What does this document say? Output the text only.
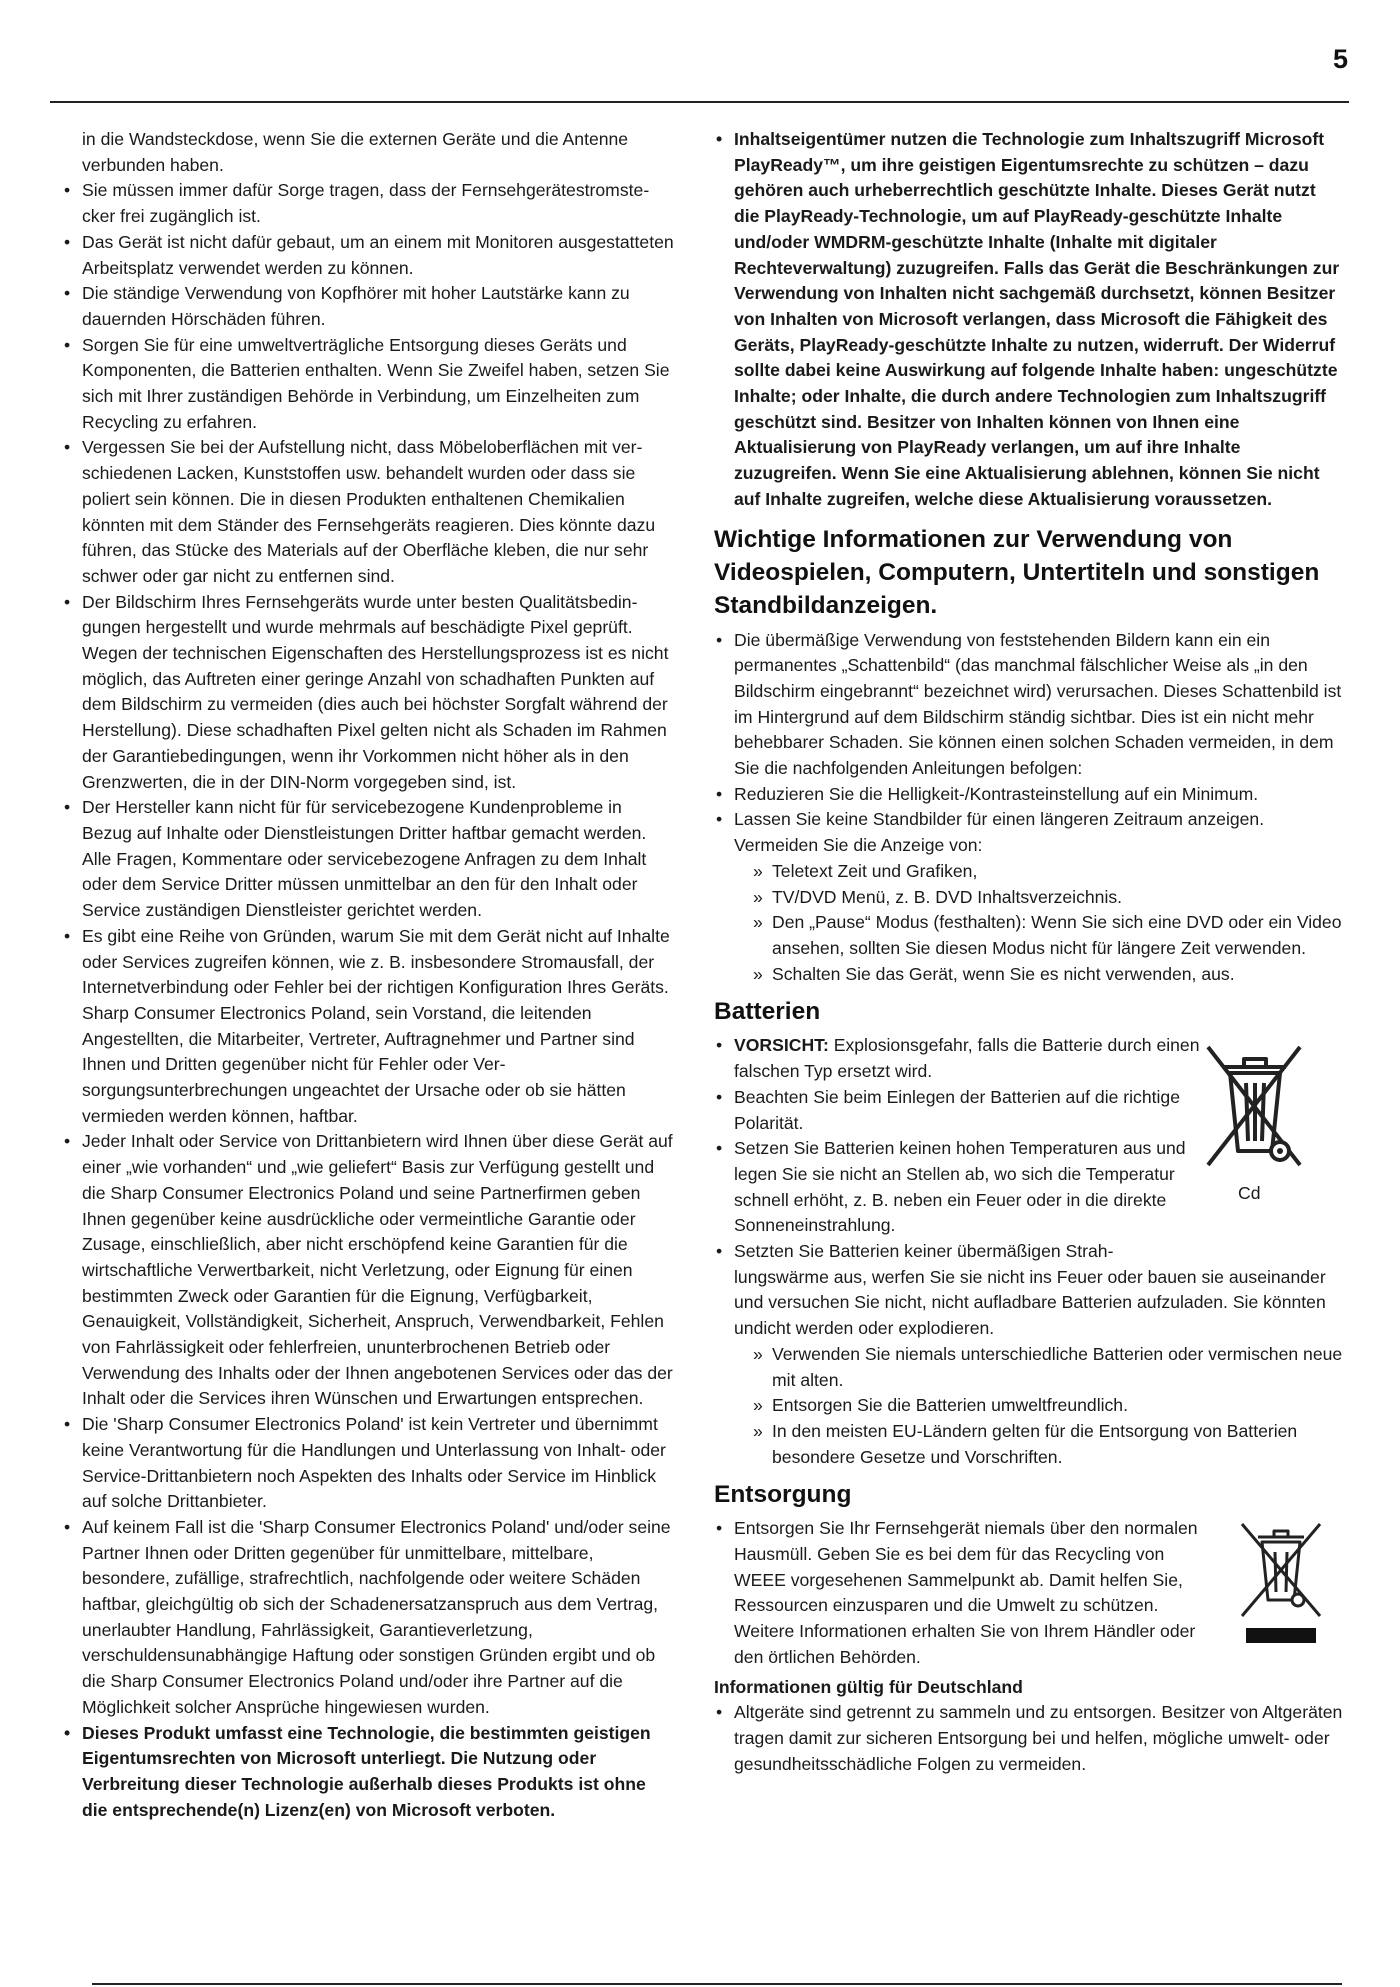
5
in die Wandsteckdose, wenn Sie die externen Geräte und die Antenne verbunden haben.
• Sie müssen immer dafür Sorge tragen, dass der Fernsehgerätestromstecker frei zugänglich ist.
• Das Gerät ist nicht dafür gebaut, um an einem mit Monitoren ausgestatteten Arbeitsplatz verwendet werden zu können.
• Die ständige Verwendung von Kopfhörer mit hoher Lautstärke kann zu dauernden Hörschäden führen.
• Sorgen Sie für eine umweltverträgliche Entsorgung dieses Geräts und Komponenten, die Batterien enthalten. Wenn Sie Zweifel haben, setzen Sie sich mit Ihrer zuständigen Behörde in Verbindung, um Einzelheiten zum Recycling zu erfahren.
• Vergessen Sie bei der Aufstellung nicht, dass Möbeloberflächen mit verschiedenen Lacken, Kunststoffen usw. behandelt wurden oder dass sie poliert sein können. Die in diesen Produkten enthaltenen Chemikalien könnten mit dem Ständer des Fernsehgeräts reagieren. Dies könnte dazu führen, das Stücke des Materials auf der Oberfläche kleben, die nur sehr schwer oder gar nicht zu entfernen sind.
• Der Bildschirm Ihres Fernsehgeräts wurde unter besten Qualitätsbedingungen hergestellt und wurde mehrmals auf beschädigte Pixel geprüft. Wegen der technischen Eigenschaften des Herstellungsprozess ist es nicht möglich, das Auftreten einer geringe Anzahl von schadhaften Punkten auf dem Bildschirm zu vermeiden (dies auch bei höchster Sorgfalt während der Herstellung). Diese schadhaften Pixel gelten nicht als Schaden im Rahmen der Garantiebedingungen, wenn ihr Vorkommen nicht höher als in den Grenzwerten, die in der DIN-Norm vorgegeben sind, ist.
• Der Hersteller kann nicht für für servicebezogene Kundenprobleme in Bezug auf Inhalte oder Dienstleistungen Dritter haftbar gemacht werden. Alle Fragen, Kommentare oder servicebezogene Anfragen zu dem Inhalt oder dem Service Dritter müssen unmittelbar an den für den Inhalt oder Service zuständigen Dienstleister gerichtet werden.
• Es gibt eine Reihe von Gründen, warum Sie mit dem Gerät nicht auf Inhalte oder Services zugreifen können, wie z. B. insbesondere Stromausfall, der Internetverbindung oder Fehler bei der richtigen Konfiguration Ihres Geräts. Sharp Consumer Electronics Poland, sein Vorstand, die leitenden Angestellten, die Mitarbeiter, Vertreter, Auftragnehmer und Partner sind Ihnen und Dritten gegenüber nicht für Fehler oder Versorgungsunterbrechungen ungeachtet der Ursache oder ob sie hätten vermieden werden können, haftbar.
• Jeder Inhalt oder Service von Drittanbietern wird Ihnen über diese Gerät auf einer „wie vorhanden“ und „wie geliefert“ Basis zur Verfügung gestellt und die Sharp Consumer Electronics Poland und seine Partnerfirmen geben Ihnen gegenüber keine ausdrückliche oder vermeintliche Garantie oder Zusage, einschließlich, aber nicht erschöpfend keine Garantien für die wirtschaftliche Verwertbarkeit, nicht Verletzung, oder Eignung für einen bestimmten Zweck oder Garantien für die Eignung, Verfügbarkeit, Genauigkeit, Vollständigkeit, Sicherheit, Anspruch, Verwendbarkeit, Fehlen von Fahrlässigkeit oder fehlerfreien, ununterbrochenen Betrieb oder Verwendung des Inhalts oder der Ihnen angebotenen Services oder das der Inhalt oder die Services ihren Wünschen und Erwartungen entsprechen.
• Die 'Sharp Consumer Electronics Poland' ist kein Vertreter und übernimmt keine Verantwortung für die Handlungen und Unterlassung von Inhalt- oder Service-Drittanbietern noch Aspekten des Inhalts oder Service im Hinblick auf solche Drittanbieter.
• Auf keinem Fall ist die 'Sharp Consumer Electronics Poland' und/oder seine Partner Ihnen oder Dritten gegenüber für unmittelbare, mittelbare, besondere, zufällige, strafrechtlich, nachfolgende oder weitere Schäden haftbar, gleichgültig ob sich der Schadenersatzanspruch aus dem Vertrag, unerlaubter Handlung, Fahrlässigkeit, Garantieverletzung, verschuldensunabhängige Haftung oder sonstigen Gründen ergibt und ob die Sharp Consumer Electronics Poland und/oder ihre Partner auf die Möglichkeit solcher Ansprüche hingewiesen wurden.
• Dieses Produkt umfasst eine Technologie, die bestimmten geistigen Eigentumsrechten von Microsoft unterliegt. Die Nutzung oder Verbreitung dieser Technologie außerhalb dieses Produkts ist ohne die entsprechende(n) Lizenz(en) von Microsoft verboten.
• Inhaltseigentümer nutzen die Technologie zum Inhaltszugriff Microsoft PlayReady™, um ihre geistigen Eigentumsrechte zu schützen – dazu gehören auch urheberrechtlich geschützte Inhalte. Dieses Gerät nutzt die PlayReady-Technologie, um auf PlayReady-geschützte Inhalte und/oder WMDRM-geschützte Inhalte (Inhalte mit digitaler Rechteverwaltung) zuzugreifen. Falls das Gerät die Beschränkungen zur Verwendung von Inhalten nicht sachgemäß durchsetzt, können Besitzer von Inhalten von Microsoft verlangen, dass Microsoft die Fähigkeit des Geräts, PlayReady-geschützte Inhalte zu nutzen, widerruft. Der Widerruf sollte dabei keine Auswirkung auf folgende Inhalte haben: ungeschützte Inhalte; oder Inhalte, die durch andere Technologien zum Inhaltszugriff geschützt sind. Besitzer von Inhalten können von Ihnen eine Aktualisierung von PlayReady verlangen, um auf ihre Inhalte zuzugreifen. Wenn Sie eine Aktualisierung ablehnen, können Sie nicht auf Inhalte zugreifen, welche diese Aktualisierung voraussetzen.
Wichtige Informationen zur Verwendung von Videospielen, Computern, Untertiteln und sonstigen Standbildanzeigen.
• Die übermäßige Verwendung von feststehenden Bildern kann ein ein permanentes „Schattenbild“ (das manchmal fälschlicher Weise als „in den Bildschirm eingebrannt“ bezeichnet wird) verursachen. Dieses Schattenbild ist im Hintergrund auf dem Bildschirm ständig sichtbar. Dies ist ein nicht mehr behebbarer Schaden. Sie können einen solchen Schaden vermeiden, in dem Sie die nachfolgenden Anleitungen befolgen:
• Reduzieren Sie die Helligkeit-/Kontrasteinstellung auf ein Minimum.
• Lassen Sie keine Standbilder für einen längeren Zeitraum anzeigen. Vermeiden Sie die Anzeige von:
» Teletext Zeit und Grafiken,
» TV/DVD Menü, z. B. DVD Inhaltsverzeichnis.
» Den „Pause“ Modus (festhalten): Wenn Sie sich eine DVD oder ein Video ansehen, sollten Sie diesen Modus nicht für längere Zeit verwenden.
» Schalten Sie das Gerät, wenn Sie es nicht verwenden, aus.
Batterien
Cd
• VORSICHT: Explosionsgefahr, falls die Batterie durch einen falschen Typ ersetzt wird.
• Beachten Sie beim Einlegen der Batterien auf die richtige Polarität.
• Setzen Sie Batterien keinen hohen Temperaturen aus und legen Sie sie nicht an Stellen ab, wo sich die Temperatur schnell erhöht, z. B. neben ein Feuer oder in die direkte Sonneneinstrahlung.
• Setzten Sie Batterien keiner übermäßigen Strah-
lungswärme aus, werfen Sie sie nicht ins Feuer oder bauen sie auseinander und versuchen Sie nicht, nicht aufladbare Batterien aufzuladen. Sie könnten undicht werden oder explodieren.
» Verwenden Sie niemals unterschiedliche Batterien oder vermischen neue mit alten.
» Entsorgen Sie die Batterien umweltfreundlich.
» In den meisten EU-Ländern gelten für die Entsorgung von Batterien besondere Gesetze und Vorschriften.
Entsorgung
• Entsorgen Sie Ihr Fernsehgerät niemals über den normalen Hausmüll. Geben Sie es bei dem für das Recycling von WEEE vorgesehenen Sammelpunkt ab. Damit helfen Sie, Ressourcen einzusparen und die Umwelt zu schützen. Weitere Informationen erhalten Sie von Ihrem Händler oder den örtlichen Behörden.
Informationen gültig für Deutschland
• Altgeräte sind getrennt zu sammeln und zu entsorgen. Besitzer von Altgeräten tragen damit zur sicheren Entsorgung bei und helfen, mögliche umwelt- oder gesundheitsschädliche Folgen zu vermeiden.
